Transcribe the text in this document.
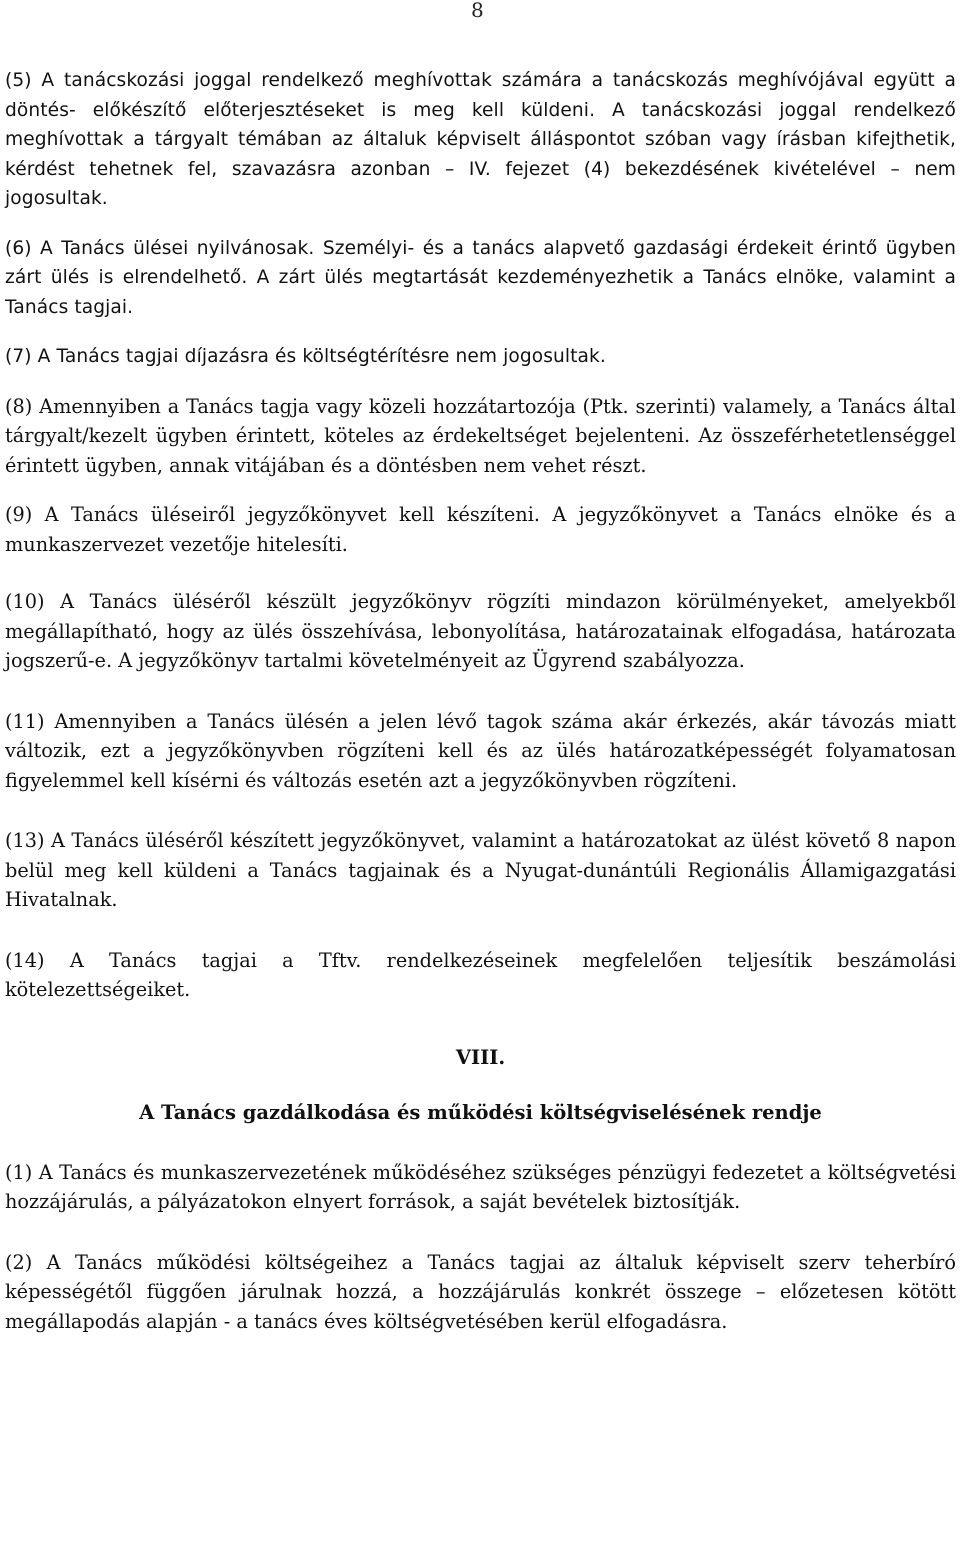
8

(5) A tanácskozási joggal rendelkező meghívottak számára a tanácskozás meghívójával együtt a döntés- előkészítő előterjesztéseket is meg kell küldeni. A tanácskozási joggal rendelkező meghívottak a tárgyalt témában az általuk képviselt álláspontot szóban vagy írásban kifejthetik, kérdést tehetnek fel, szavazásra azonban – IV. fejezet (4) bekezdésének kivételével – nem jogosultak.

(6) A Tanács ülései nyilvánosak. Személyi- és a tanács alapvető gazdasági érdekeit érintő ügyben zárt ülés is elrendelhető. A zárt ülés megtartását kezdeményezhetik a Tanács elnöke, valamint a Tanács tagjai.

(7) A Tanács tagjai díjazásra és költségtérítésre nem jogosultak.

(8) Amennyiben a Tanács tagja vagy közeli hozzátartozója (Ptk. szerinti) valamely, a Tanács által tárgyalt/kezelt ügyben érintett, köteles az érdekeltséget bejelenteni. Az összeférhetetlenséggel érintett ügyben, annak vitájában és a döntésben nem vehet részt.

(9) A Tanács üléseiről jegyzőkönyvet kell készíteni. A jegyzőkönyvet a Tanács elnöke és a munkaszervezet vezetője hitelesíti.

(10) A Tanács üléséről készült jegyzőkönyv rögzíti mindazon körülményeket, amelyekből megállapítható, hogy az ülés összehívása, lebonyolítása, határozatainak elfogadása, határozata jogszerű-e. A jegyzőkönyv tartalmi követelményeit az Ügyrend szabályozza.

(11) Amennyiben a Tanács ülésén a jelen lévő tagok száma akár érkezés, akár távozás miatt változik, ezt a jegyzőkönyvben rögzíteni kell és az ülés határozatképességét folyamatosan figyelemmel kell kísérni és változás esetén azt a jegyzőkönyvben rögzíteni.

(13) A Tanács üléséről készített jegyzőkönyvet, valamint a határozatokat az ülést követő 8 napon belül meg kell küldeni a Tanács tagjainak és a Nyugat-dunántúli Regionális Államigazgatási Hivatalnak.

(14) A Tanács tagjai a Tftv. rendelkezéseinek megfelelően teljesítik beszámolási kötelezettségeiket.

VIII.
A Tanács gazdálkodása és működési költségviselésének rendje

(1) A Tanács és munkaszervezetének működéséhez szükséges pénzügyi fedezetet a költségvetési hozzájárulás, a pályázatokon elnyert források, a saját bevételek biztosítják.

(2) A Tanács működési költségeihez a Tanács tagjai az általuk képviselt szerv teherbíró képességétől függően járulnak hozzá, a hozzájárulás konkrét összege – előzetesen kötött megállapodás alapján - a tanács éves költségvetésében kerül elfogadásra.
